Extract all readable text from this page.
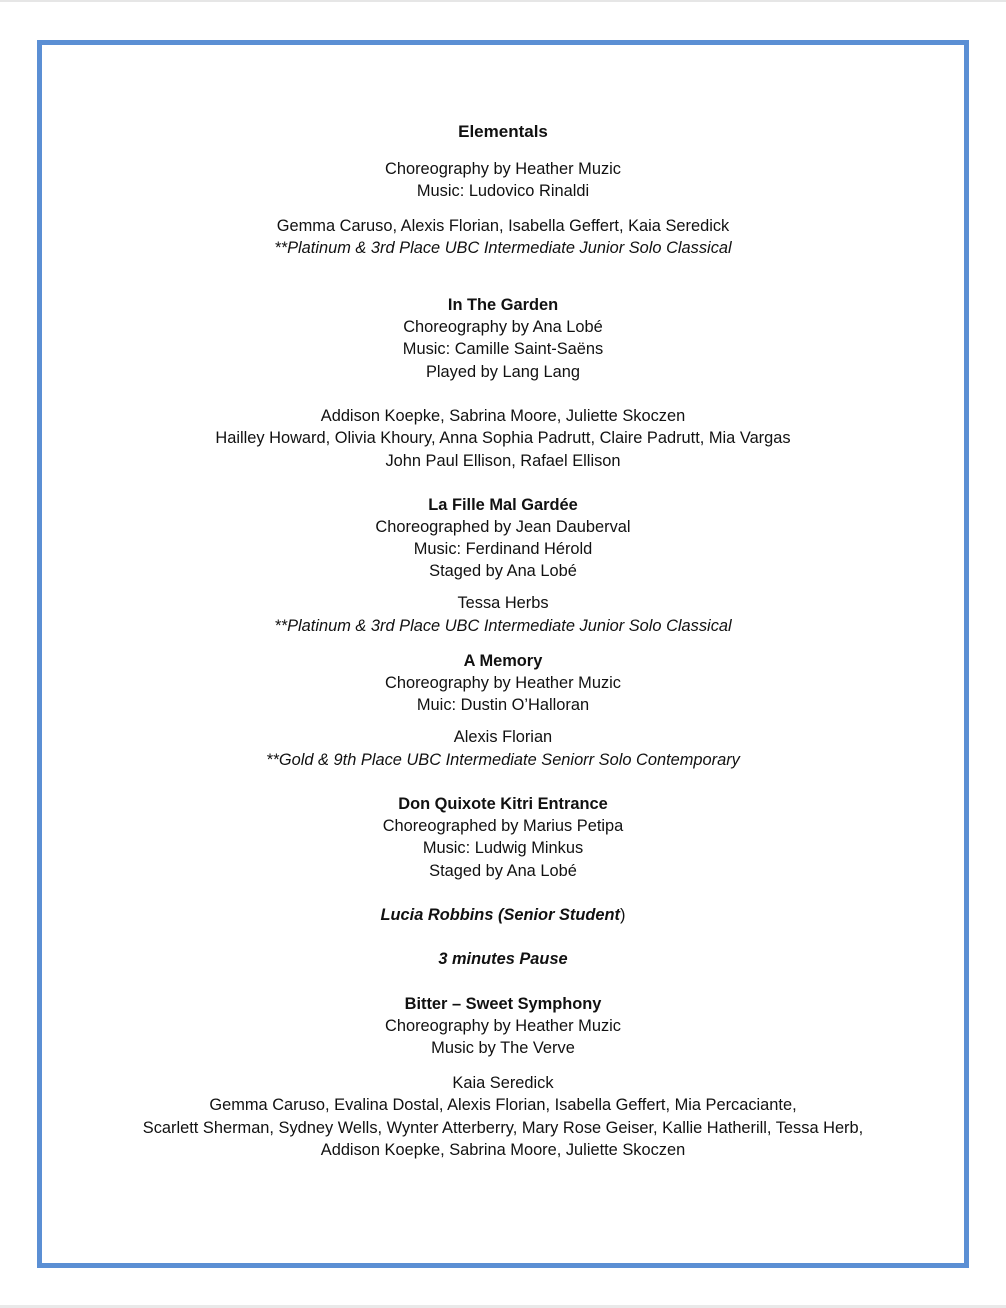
Elementals
Choreography by Heather Muzic
Music: Ludovico Rinaldi
Gemma Caruso, Alexis Florian, Isabella Geffert, Kaia Seredick
**Platinum & 3rd Place UBC Intermediate Junior Solo Classical
In The Garden
Choreography by Ana Lobé
Music: Camille Saint-Saëns
Played by Lang Lang
Addison Koepke, Sabrina Moore, Juliette Skoczen
Hailley Howard, Olivia Khoury, Anna Sophia Padrutt, Claire Padrutt, Mia Vargas
John Paul Ellison, Rafael Ellison
La Fille Mal Gardée
Choreographed by Jean Dauberval
Music: Ferdinand Hérold
Staged by Ana Lobé
Tessa Herbs
**Platinum & 3rd Place UBC Intermediate Junior Solo Classical
A Memory
Choreography by Heather Muzic
Muic: Dustin O’Halloran
Alexis Florian
**Gold & 9th Place UBC Intermediate Seniorr Solo Contemporary
Don Quixote Kitri Entrance
Choreographed by Marius Petipa
Music: Ludwig Minkus
Staged by Ana Lobé
Lucia Robbins (Senior Student)
3 minutes Pause
Bitter – Sweet Symphony
Choreography by Heather Muzic
Music by The Verve
Kaia Seredick
Gemma Caruso, Evalina Dostal, Alexis Florian, Isabella Geffert, Mia Percaciante,
Scarlett Sherman, Sydney Wells, Wynter Atterberry, Mary Rose Geiser, Kallie Hatherill, Tessa Herb,
Addison Koepke, Sabrina Moore, Juliette Skoczen
